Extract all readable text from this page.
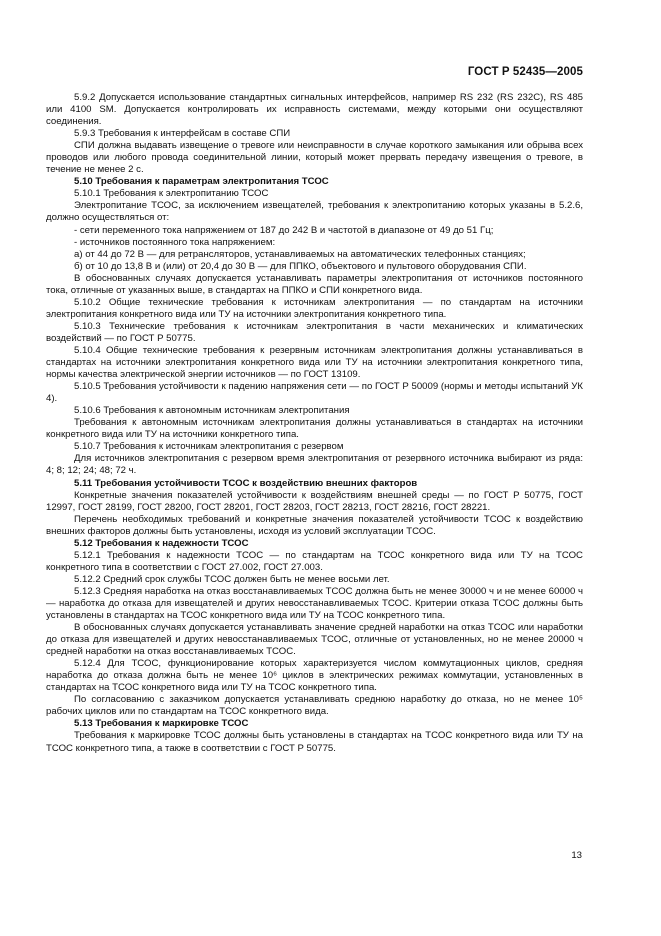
ГОСТ Р 52435—2005

5.9.2 Допускается использование стандартных сигнальных интерфейсов, например RS 232 (RS 232C), RS 485 или 4100 SM. Допускается контролировать их исправность системами, между которыми они осуществляют соединения.

5.9.3 Требования к интерфейсам в составе СПИ

СПИ должна выдавать извещение о тревоге или неисправности в случае короткого замыкания или обрыва всех проводов или любого провода соединительной линии, который может прервать передачу извещения о тревоге, в течение не менее 2 с.

5.10 Требования к параметрам электропитания ТСОС

5.10.1 Требования к электропитанию ТСОС

Электропитание ТСОС, за исключением извещателей, требования к электропитанию которых указаны в 5.2.6, должно осуществляться от:

- сети переменного тока напряжением от 187 до 242 В и частотой в диапазоне от 49 до 51 Гц;

- источников постоянного тока напряжением:

а) от 44 до 72 В — для ретрансляторов, устанавливаемых на автоматических телефонных станциях;

б) от 10 до 13,8 В и (или) от 20,4 до 30 В — для ППКО, объектового и пультового оборудования СПИ.

В обоснованных случаях допускается устанавливать параметры электропитания от источников постоянного тока, отличные от указанных выше, в стандартах на ППКО и СПИ конкретного вида.

5.10.2 Общие технические требования к источникам электропитания — по стандартам на источники электропитания конкретного вида или ТУ на источники электропитания конкретного типа.

5.10.3 Технические требования к источникам электропитания в части механических и климатических воздействий — по ГОСТ Р 50775.

5.10.4 Общие технические требования к резервным источникам электропитания должны устанавливаться в стандартах на источники электропитания конкретного вида или ТУ на источники электропитания конкретного типа, нормы качества электрической энергии источников — по ГОСТ 13109.

5.10.5 Требования устойчивости к падению напряжения сети — по ГОСТ Р 50009 (нормы и методы испытаний УК 4).

5.10.6 Требования к автономным источникам электропитания

Требования к автономным источникам электропитания должны устанавливаться в стандартах на источники конкретного вида или ТУ на источники конкретного типа.

5.10.7 Требования к источникам электропитания с резервом

Для источников электропитания с резервом время электропитания от резервного источника выбирают из ряда: 4; 8; 12; 24; 48; 72 ч.

5.11 Требования устойчивости ТСОС к воздействию внешних факторов

Конкретные значения показателей устойчивости к воздействиям внешней среды — по ГОСТ Р 50775, ГОСТ 12997, ГОСТ 28199, ГОСТ 28200, ГОСТ 28201, ГОСТ 28203, ГОСТ 28213, ГОСТ 28216, ГОСТ 28221.

Перечень необходимых требований и конкретные значения показателей устойчивости ТСОС к воздействию внешних факторов должны быть установлены, исходя из условий эксплуатации ТСОС.

5.12 Требования к надежности ТСОС

5.12.1 Требования к надежности ТСОС — по стандартам на ТСОС конкретного вида или ТУ на ТСОС конкретного типа в соответствии с ГОСТ 27.002, ГОСТ 27.003.

5.12.2 Средний срок службы ТСОС должен быть не менее восьми лет.

5.12.3 Средняя наработка на отказ восстанавливаемых ТСОС должна быть не менее 30000 ч и не менее 60000 ч — наработка до отказа для извещателей и других невосстанавливаемых ТСОС. Критерии отказа ТСОС должны быть установлены в стандартах на ТСОС конкретного вида или ТУ на ТСОС конкретного типа.

В обоснованных случаях допускается устанавливать значение средней наработки на отказ ТСОС или наработки до отказа для извещателей и других невосстанавливаемых ТСОС, отличные от установленных, но не менее 20000 ч средней наработки на отказ восстанавливаемых ТСОС.

5.12.4 Для ТСОС, функционирование которых характеризуется числом коммутационных циклов, средняя наработка до отказа должна быть не менее 10⁶ циклов в электрических режимах коммутации, установленных в стандартах на ТСОС конкретного вида или ТУ на ТСОС конкретного типа.

По согласованию с заказчиком допускается устанавливать среднюю наработку до отказа, но не менее 10⁵ рабочих циклов или по стандартам на ТСОС конкретного вида.

5.13 Требования к маркировке ТСОС

Требования к маркировке ТСОС должны быть установлены в стандартах на ТСОС конкретного вида или ТУ на ТСОС конкретного типа, а также в соответствии с ГОСТ Р 50775.

13
